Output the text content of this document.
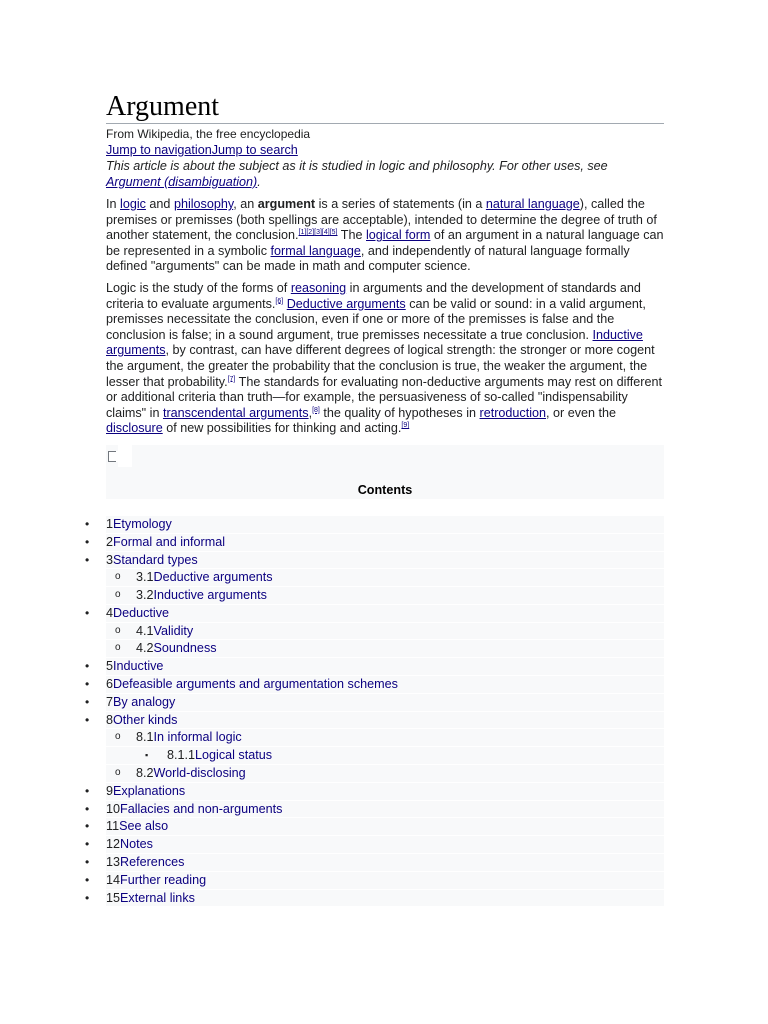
Argument
From Wikipedia, the free encyclopedia
Jump to navigationJump to search
This article is about the subject as it is studied in logic and philosophy. For other uses, see Argument (disambiguation).

In logic and philosophy, an argument is a series of statements (in a natural language), called the premises or premisses (both spellings are acceptable), intended to determine the degree of truth of another statement, the conclusion.[1][2][3][4][5] The logical form of an argument in a natural language can be represented in a symbolic formal language, and independently of natural language formally defined "arguments" can be made in math and computer science.

Logic is the study of the forms of reasoning in arguments and the development of standards and criteria to evaluate arguments.[6] Deductive arguments can be valid or sound: in a valid argument, premisses necessitate the conclusion, even if one or more of the premisses is false and the conclusion is false; in a sound argument, true premisses necessitate a true conclusion. Inductive arguments, by contrast, can have different degrees of logical strength: the stronger or more cogent the argument, the greater the probability that the conclusion is true, the weaker the argument, the lesser that probability.[7] The standards for evaluating non-deductive arguments may rest on different or additional criteria than truth—for example, the persuasiveness of so-called "indispensability claims" in transcendental arguments,[8] the quality of hypotheses in retroduction, or even the disclosure of new possibilities for thinking and acting.[9]

Contents
• 1Etymology
• 2Formal and informal
• 3Standard types
o 3.1Deductive arguments
o 3.2Inductive arguments
• 4Deductive
o 4.1Validity
o 4.2Soundness
• 5Inductive
• 6Defeasible arguments and argumentation schemes
• 7By analogy
• 8Other kinds
o 8.1In informal logic
▪ 8.1.1Logical status
o 8.2World-disclosing
• 9Explanations
• 10Fallacies and non-arguments
• 11See also
• 12Notes
• 13References
• 14Further reading
• 15External links
